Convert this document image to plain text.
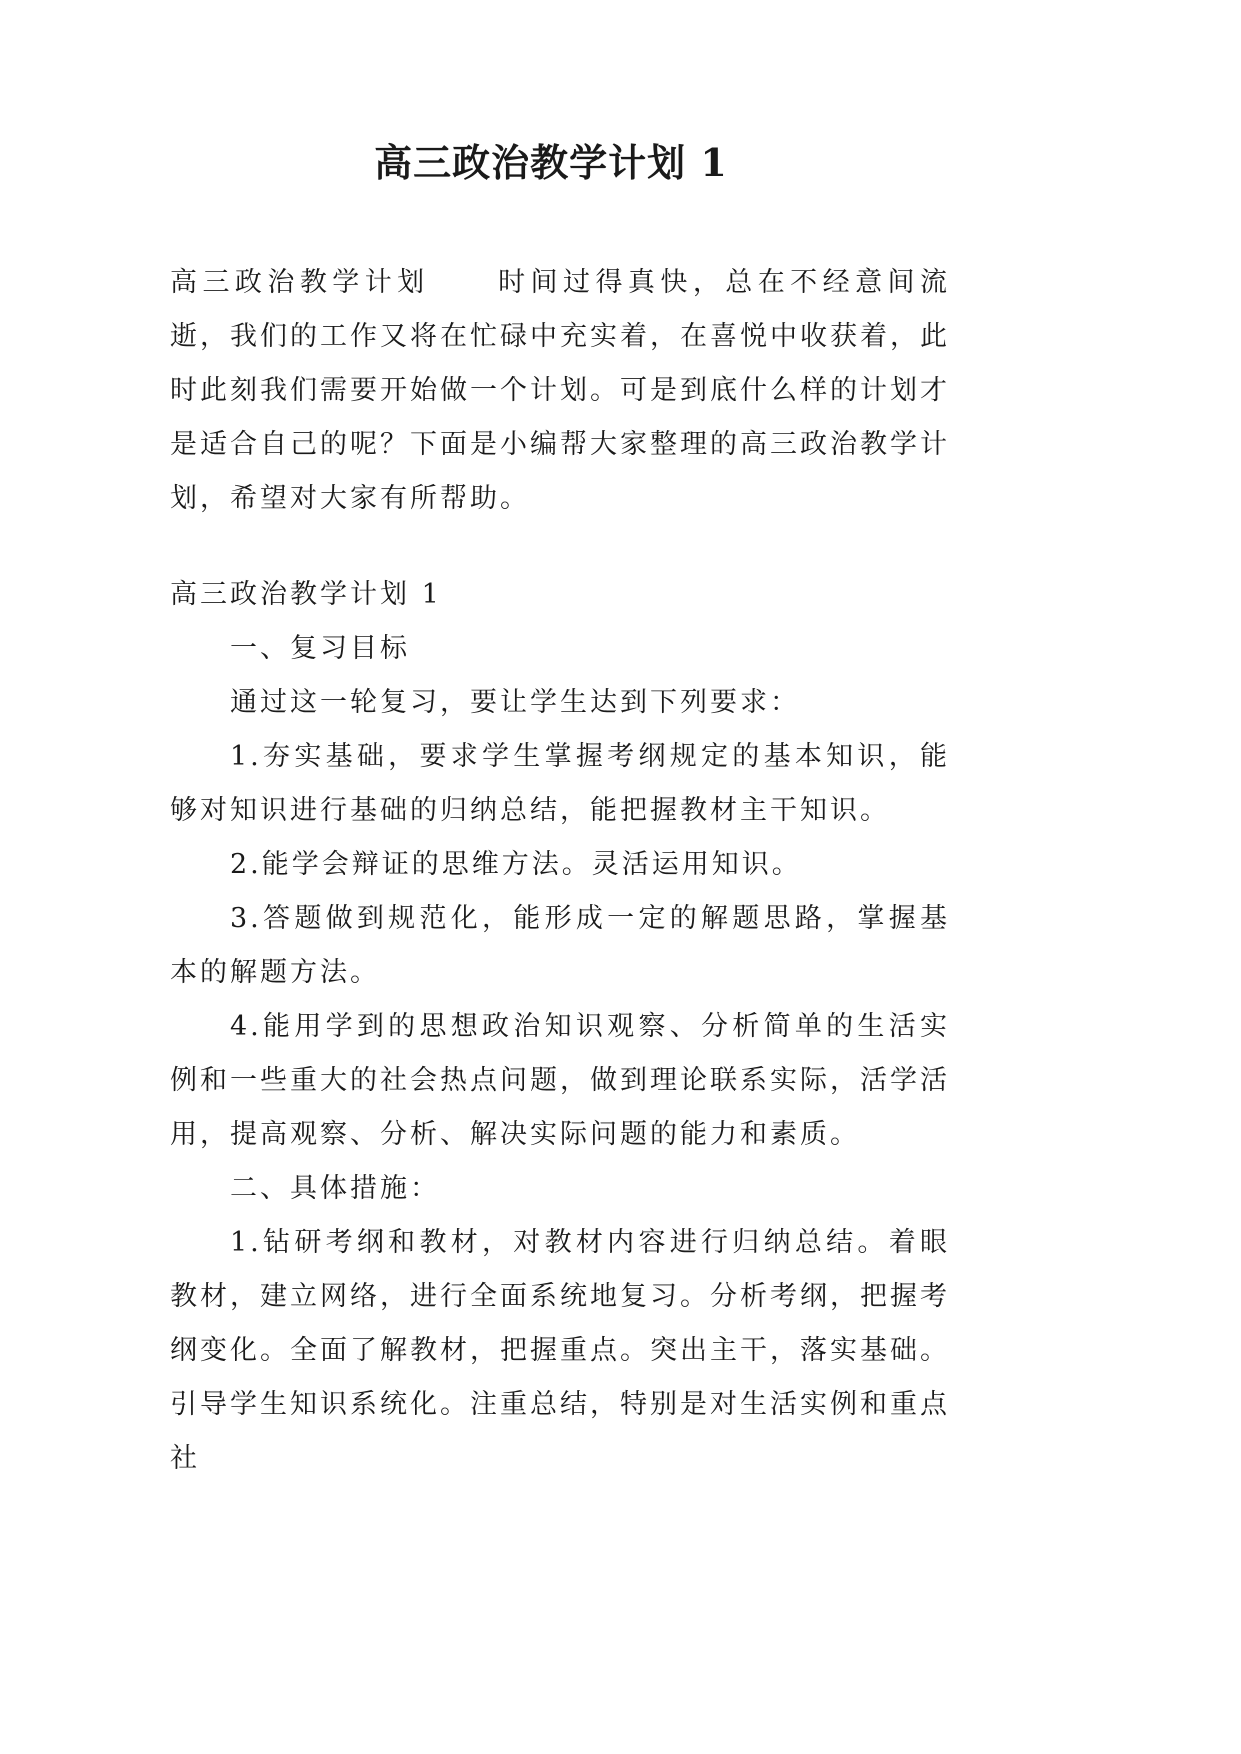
高三政治教学计划 1
高三政治教学计划 时间过得真快，总在不经意间流逝，我们的工作又将在忙碌中充实着，在喜悦中收获着，此时此刻我们需要开始做一个计划。可是到底什么样的计划才是适合自己的呢？下面是小编帮大家整理的高三政治教学计划，希望对大家有所帮助。

高三政治教学计划 1

一、复习目标

通过这一轮复习，要让学生达到下列要求：

1.夯实基础，要求学生掌握考纲规定的基本知识，能够对知识进行基础的归纳总结，能把握教材主干知识。

2.能学会辩证的思维方法。灵活运用知识。

3.答题做到规范化，能形成一定的解题思路，掌握基本的解题方法。

4.能用学到的思想政治知识观察、分析简单的生活实例和一些重大的社会热点问题，做到理论联系实际，活学活用，提高观察、分析、解决实际问题的能力和素质。

二、具体措施：

1.钻研考纲和教材，对教材内容进行归纳总结。着眼教材，建立网络，进行全面系统地复习。分析考纲，把握考纲变化。全面了解教材，把握重点。突出主干，落实基础。引导学生知识系统化。注重总结，特别是对生活实例和重点社
